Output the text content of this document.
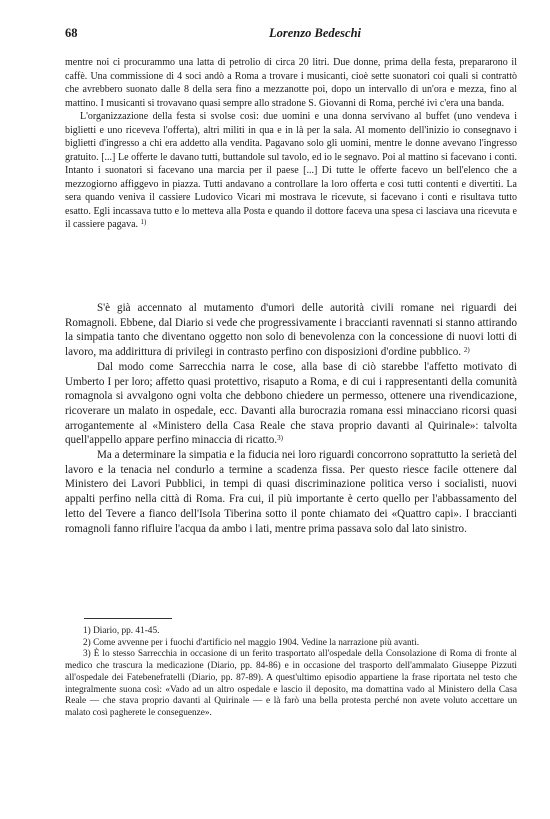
68	Lorenzo Bedeschi

mentre noi ci procurammo una latta di petrolio di circa 20 litri. Due donne, prima della festa, prepararono il caffè. Una commissione di 4 soci andò a Roma a trovare i musicanti, cioè sette suonatori coi quali si contrattò che avrebbero suonato dalle 8 della sera fino a mezzanotte poi, dopo un intervallo di un'ora e mezza, fino al mattino. I musicanti si trovavano quasi sempre allo stradone S. Giovanni di Roma, perché ivi c'era una banda.

L'organizzazione della festa si svolse così: due uomini e una donna servivano al buffet (uno vendeva i biglietti e uno riceveva l'offerta), altri militi in qua e in là per la sala. Al momento dell'inizio io consegnavo i biglietti d'ingresso a chi era addetto alla vendita. Pagavano solo gli uomini, mentre le donne avevano l'ingresso gratuito. [...] Le offerte le davano tutti, buttandole sul tavolo, ed io le segnavo. Poi al mattino si facevano i conti. Intanto i suonatori si facevano una marcia per il paese [...] Di tutte le offerte facevo un bell'elenco che a mezzogiorno affiggevo in piazza. Tutti andavano a controllare la loro offerta e così tutti contenti e divertiti. La sera quando veniva il cassiere Ludovico Vicari mi mostrava le ricevute, si facevano i conti e risultava tutto esatto. Egli incassava tutto e lo metteva alla Posta e quando il dottore faceva una spesa ci lasciava una ricevuta e il cassiere pagava. $^{1)}$

S'è già accennato al mutamento d'umori delle autorità civili romane nei riguardi dei Romagnoli. Ebbene, dal Diario si vede che progressivamente i braccianti ravennati si stanno attirando la simpatia tanto che diventano oggetto non solo di benevolenza con la concessione di nuovi lotti di lavoro, ma addirittura di privilegi in contrasto perfino con disposizioni d'ordine pubblico. $^{2)}$

Dal modo come Sarrecchia narra le cose, alla base di ciò starebbe l'affetto motivato di Umberto I per loro; affetto quasi protettivo, risaputo a Roma, e di cui i rappresentanti della comunità romagnola si avvalgono ogni volta che debbono chiedere un permesso, ottenere una rivendicazione, ricoverare un malato in ospedale, ecc. Davanti alla burocrazia romana essi minacciano ricorsi quasi arrogantemente al «Ministero della Casa Reale che stava proprio davanti al Quirinale»: talvolta quell'appello appare perfino minaccia di ricatto.$^{3)}$

Ma a determinare la simpatia e la fiducia nei loro riguardi concorrono soprattutto la serietà del lavoro e la tenacia nel condurlo a termine a scadenza fissa. Per questo riesce facile ottenere dal Ministero dei Lavori Pubblici, in tempi di quasi discriminazione politica verso i socialisti, nuovi appalti perfino nella città di Roma. Fra cui, il più importante è certo quello per l'abbassamento del letto del Tevere a fianco dell'Isola Tiberina sotto il ponte chiamato dei «Quattro capi». I braccianti romagnoli fanno rifluire l'acqua da ambo i lati, mentre prima passava solo dal lato sinistro.

1) Diario, pp. 41-45.

2) Come avvenne per i fuochi d'artificio nel maggio 1904. Vedine la narrazione più avanti.

3) È lo stesso Sarrecchia in occasione di un ferito trasportato all'ospedale della Consolazione di Roma di fronte al medico che trascura la medicazione (Diario, pp. 84-86) e in occasione del trasporto dell'ammalato Giuseppe Pizzuti all'ospedale dei Fatebenefratelli (Diario, pp. 87-89). A quest'ultimo episodio appartiene la frase riportata nel testo che integralmente suona così: «Vado ad un altro ospedale e lascio il deposito, ma domattina vado al Ministero della Casa Reale — che stava proprio davanti al Quirinale — e là farò una bella protesta perché non avete voluto accettare un malato così pagherete le conseguenze».
